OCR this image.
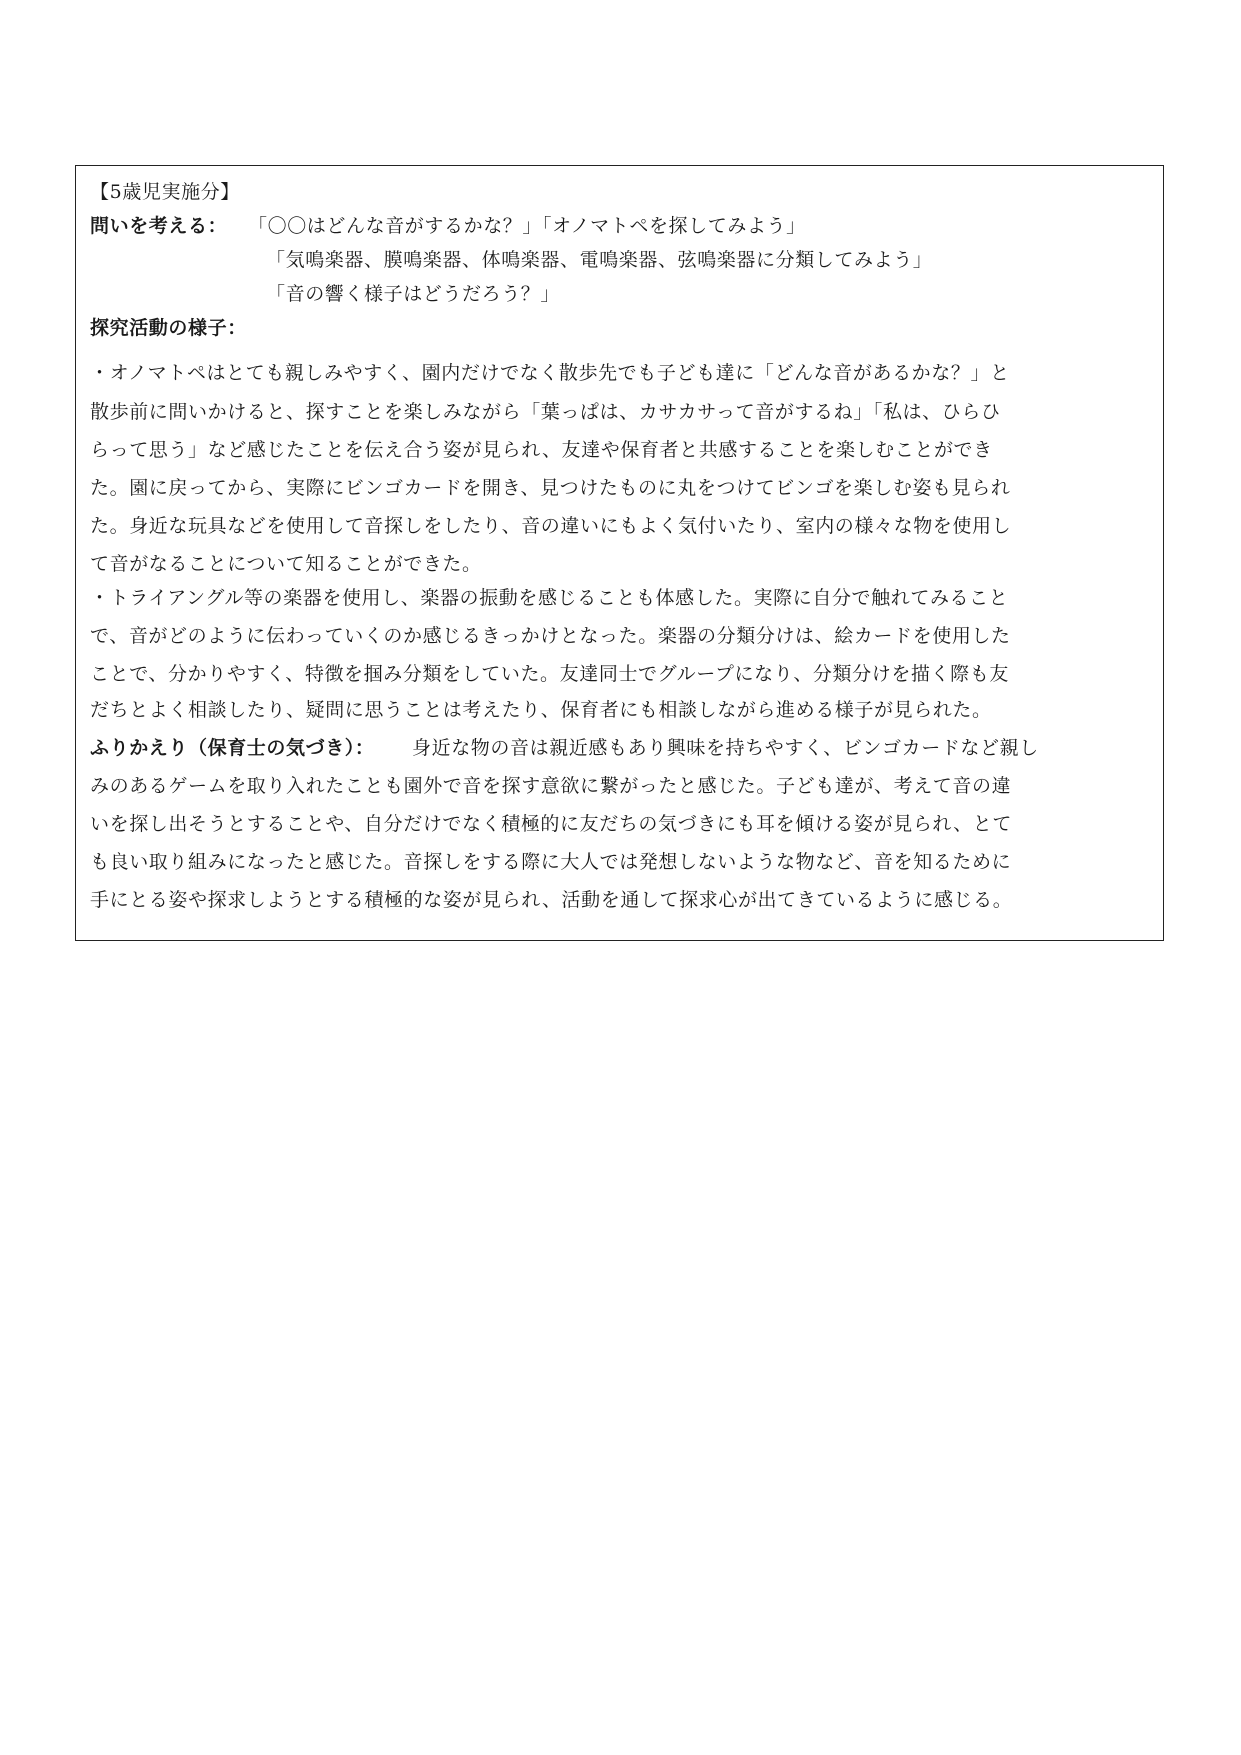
【5歳児実施分】
問いを考える： 「〇〇はどんな音がするかな？」「オノマトペを探してみよう」
「気鳴楽器、膜鳴楽器、体鳴楽器、電鳴楽器、弦鳴楽器に分類してみよう」
「音の響く様子はどうだろう？」
探究活動の様子：
・オノマトペはとても親しみやすく、園内だけでなく散歩先でも子ども達に「どんな音があるかな？」と
散歩前に問いかけると、探すことを楽しみながら「葉っぱは、カサカサって音がするね」「私は、ひらひ
らって思う」など感じたことを伝え合う姿が見られ、友達や保育者と共感することを楽しむことができ
た。園に戻ってから、実際にビンゴカードを開き、見つけたものに丸をつけてビンゴを楽しむ姿も見られ
た。身近な玩具などを使用して音探しをしたり、音の違いにもよく気付いたり、室内の様々な物を使用し
て音がなることについて知ることができた。
・トライアングル等の楽器を使用し、楽器の振動を感じることも体感した。実際に自分で触れてみること
で、音がどのように伝わっていくのか感じるきっかけとなった。楽器の分類分けは、絵カードを使用した
ことで、分かりやすく、特徴を掴み分類をしていた。友達同士でグループになり、分類分けを描く際も友
だちとよく相談したり、疑問に思うことは考えたり、保育者にも相談しながら進める様子が見られた。
ふりかえり（保育士の気づき）： 身近な物の音は親近感もあり興味を持ちやすく、ビンゴカードなど親し
みのあるゲームを取り入れたことも園外で音を探す意欲に繋がったと感じた。子ども達が、考えて音の違
いを探し出そうとすることや、自分だけでなく積極的に友だちの気づきにも耳を傾ける姿が見られ、とて
も良い取り組みになったと感じた。音探しをする際に大人では発想しないような物など、音を知るために
手にとる姿や探求しようとする積極的な姿が見られ、活動を通して探求心が出てきているように感じる。
